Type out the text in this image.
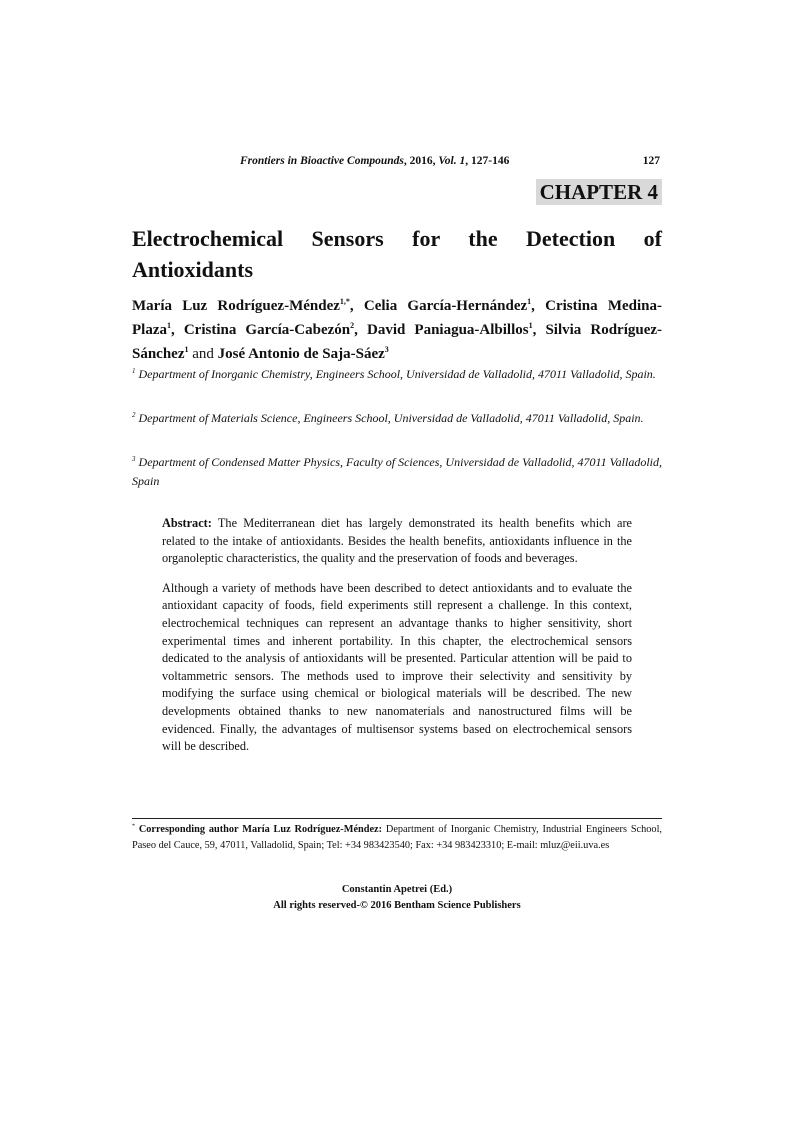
Frontiers in Bioactive Compounds, 2016, Vol. 1, 127-146	127
CHAPTER 4
Electrochemical Sensors for the Detection of
Antioxidants
María Luz Rodríguez-Méndez$^{1,*}$, Celia García-Hernández$^1$, Cristina Medina-Plaza$^1$, Cristina García-Cabezón$^2$, David Paniagua-Albillos$^1$, Silvia Rodríguez-Sánchez$^1$ and José Antonio de Saja-Sáez$^3$
$^1$ Department of Inorganic Chemistry, Engineers School, Universidad de Valladolid, 47011 Valladolid, Spain.
$^2$ Department of Materials Science, Engineers School, Universidad de Valladolid, 47011 Valladolid, Spain.
$^3$ Department of Condensed Matter Physics, Faculty of Sciences, Universidad de Valladolid, 47011 Valladolid, Spain

Abstract: The Mediterranean diet has largely demonstrated its health benefits which are related to the intake of antioxidants. Besides the health benefits, antioxidants influence in the organoleptic characteristics, the quality and the preservation of foods and beverages.

Although a variety of methods have been described to detect antioxidants and to evaluate the antioxidant capacity of foods, field experiments still represent a challenge. In this context, electrochemical techniques can represent an advantage thanks to higher sensitivity, short experimental times and inherent portability. In this chapter, the electrochemical sensors dedicated to the analysis of antioxidants will be presented. Particular attention will be paid to voltammetric sensors. The methods used to improve their selectivity and sensitivity by modifying the surface using chemical or biological materials will be described. The new developments obtained thanks to new nanomaterials and nanostructured films will be evidenced. Finally, the advantages of multisensor systems based on electrochemical sensors will be described.

* Corresponding author María Luz Rodríguez-Méndez: Department of Inorganic Chemistry, Industrial Engineers School, Paseo del Cauce, 59, 47011, Valladolid, Spain; Tel: +34 983423540; Fax: +34 983423310; E-mail: mluz@eii.uva.es
Constantin Apetrei (Ed.)
All rights reserved-© 2016 Bentham Science Publishers
